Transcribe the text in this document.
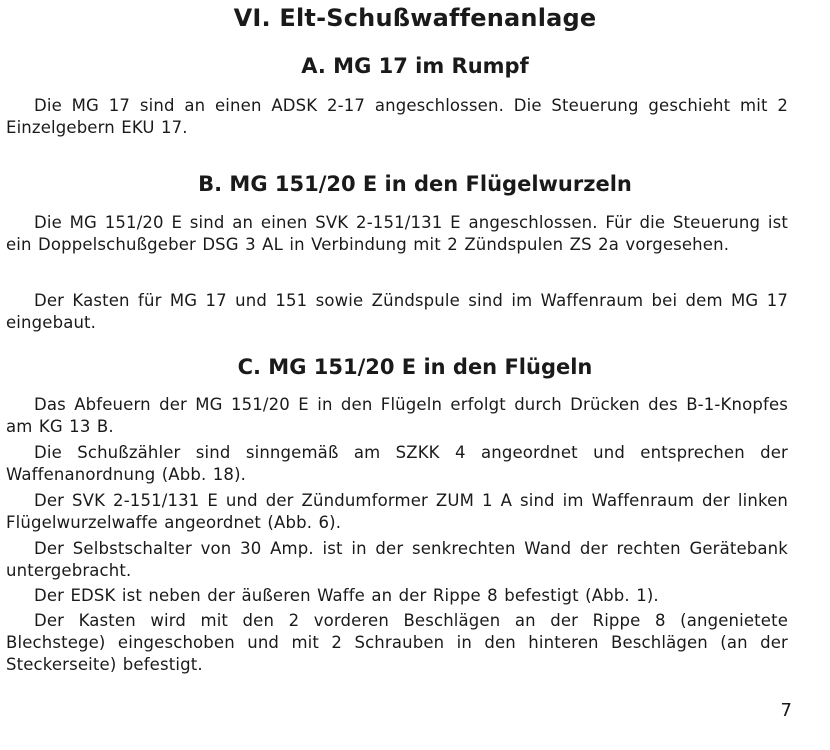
VI. Elt-Schußwaffenanlage
A. MG 17 im Rumpf

Die MG 17 sind an einen ADSK 2-17 angeschlossen. Die Steuerung geschieht mit 2 Einzelgebern EKU 17.

B. MG 151/20 E in den Flügelwurzeln

Die MG 151/20 E sind an einen SVK 2-151/131 E angeschlossen. Für die Steuerung ist ein Doppelschußgeber DSG 3 AL in Verbindung mit 2 Zündspulen ZS 2a vorgesehen.

Der Kasten für MG 17 und 151 sowie Zündspule sind im Waffenraum bei dem MG 17 eingebaut.

C. MG 151/20 E in den Flügeln

Das Abfeuern der MG 151/20 E in den Flügeln erfolgt durch Drücken des B-1-Knopfes am KG 13 B.

Die Schußzähler sind sinngemäß am SZKK 4 angeordnet und entsprechen der Waffenanordnung (Abb. 18).

Der SVK 2-151/131 E und der Zündumformer ZUM 1 A sind im Waffenraum der linken Flügelwurzelwaffe angeordnet (Abb. 6).

Der Selbstschalter von 30 Amp. ist in der senkrechten Wand der rechten Gerätebank untergebracht.

Der EDSK ist neben der äußeren Waffe an der Rippe 8 befestigt (Abb. 1).

Der Kasten wird mit den 2 vorderen Beschlägen an der Rippe 8 (angenietete Blechstege) eingeschoben und mit 2 Schrauben in den hinteren Beschlägen (an der Steckerseite) befestigt.

7
